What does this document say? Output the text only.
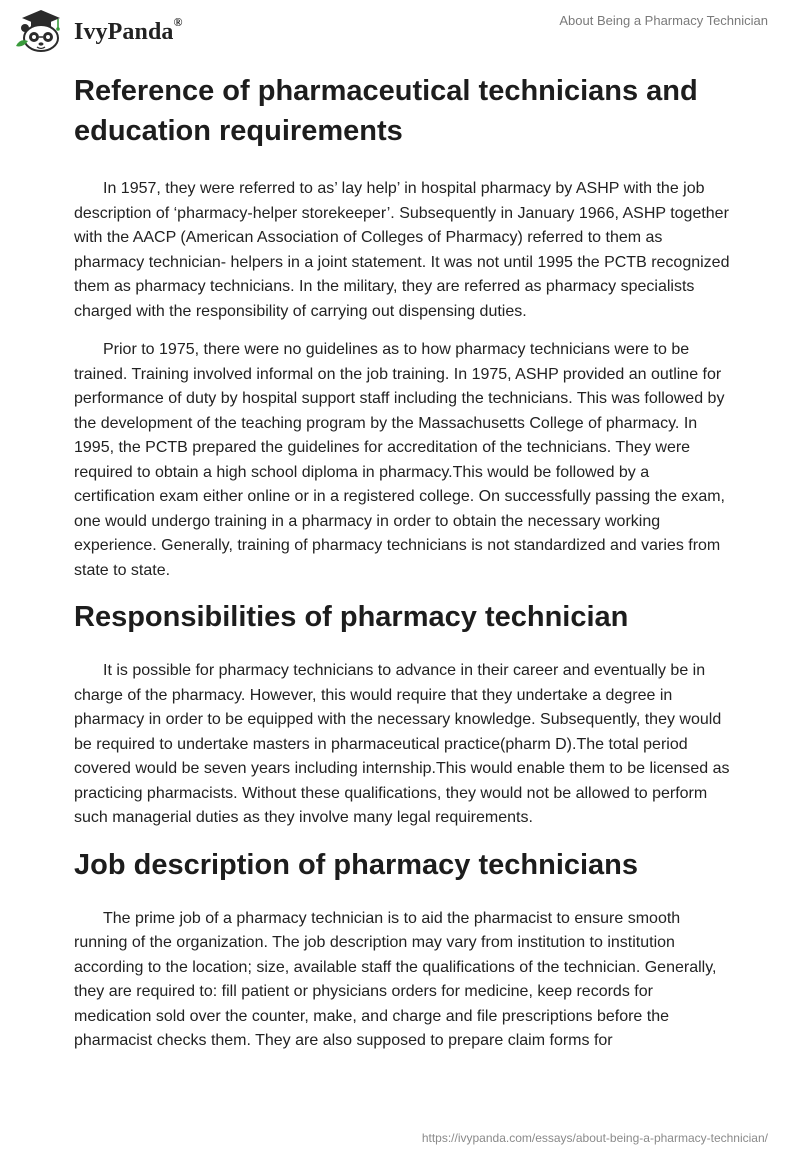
IvyPanda®	About Being a Pharmacy Technician
Reference of pharmaceutical technicians and education requirements

In 1957, they were referred to as’ lay help’ in hospital pharmacy by ASHP with the job description of ‘pharmacy-helper storekeeper’. Subsequently in January 1966, ASHP together with the AACP (American Association of Colleges of Pharmacy) referred to them as pharmacy technician- helpers in a joint statement. It was not until 1995 the PCTB recognized them as pharmacy technicians. In the military, they are referred as pharmacy specialists charged with the responsibility of carrying out dispensing duties.

Prior to 1975, there were no guidelines as to how pharmacy technicians were to be trained. Training involved informal on the job training. In 1975, ASHP provided an outline for performance of duty by hospital support staff including the technicians. This was followed by the development of the teaching program by the Massachusetts College of pharmacy. In 1995, the PCTB prepared the guidelines for accreditation of the technicians. They were required to obtain a high school diploma in pharmacy.This would be followed by a certification exam either online or in a registered college. On successfully passing the exam, one would undergo training in a pharmacy in order to obtain the necessary working experience. Generally, training of pharmacy technicians is not standardized and varies from state to state.

Responsibilities of pharmacy technician

It is possible for pharmacy technicians to advance in their career and eventually be in charge of the pharmacy. However, this would require that they undertake a degree in pharmacy in order to be equipped with the necessary knowledge. Subsequently, they would be required to undertake masters in pharmaceutical practice(pharm D).The total period covered would be seven years including internship.This would enable them to be licensed as practicing pharmacists. Without these qualifications, they would not be allowed to perform such managerial duties as they involve many legal requirements.

Job description of pharmacy technicians

The prime job of a pharmacy technician is to aid the pharmacist to ensure smooth running of the organization. The job description may vary from institution to institution according to the location; size, available staff the qualifications of the technician. Generally, they are required to: fill patient or physicians orders for medicine, keep records for medication sold over the counter, make, and charge and file prescriptions before the pharmacist checks them. They are also supposed to prepare claim forms for

https://ivypanda.com/essays/about-being-a-pharmacy-technician/
